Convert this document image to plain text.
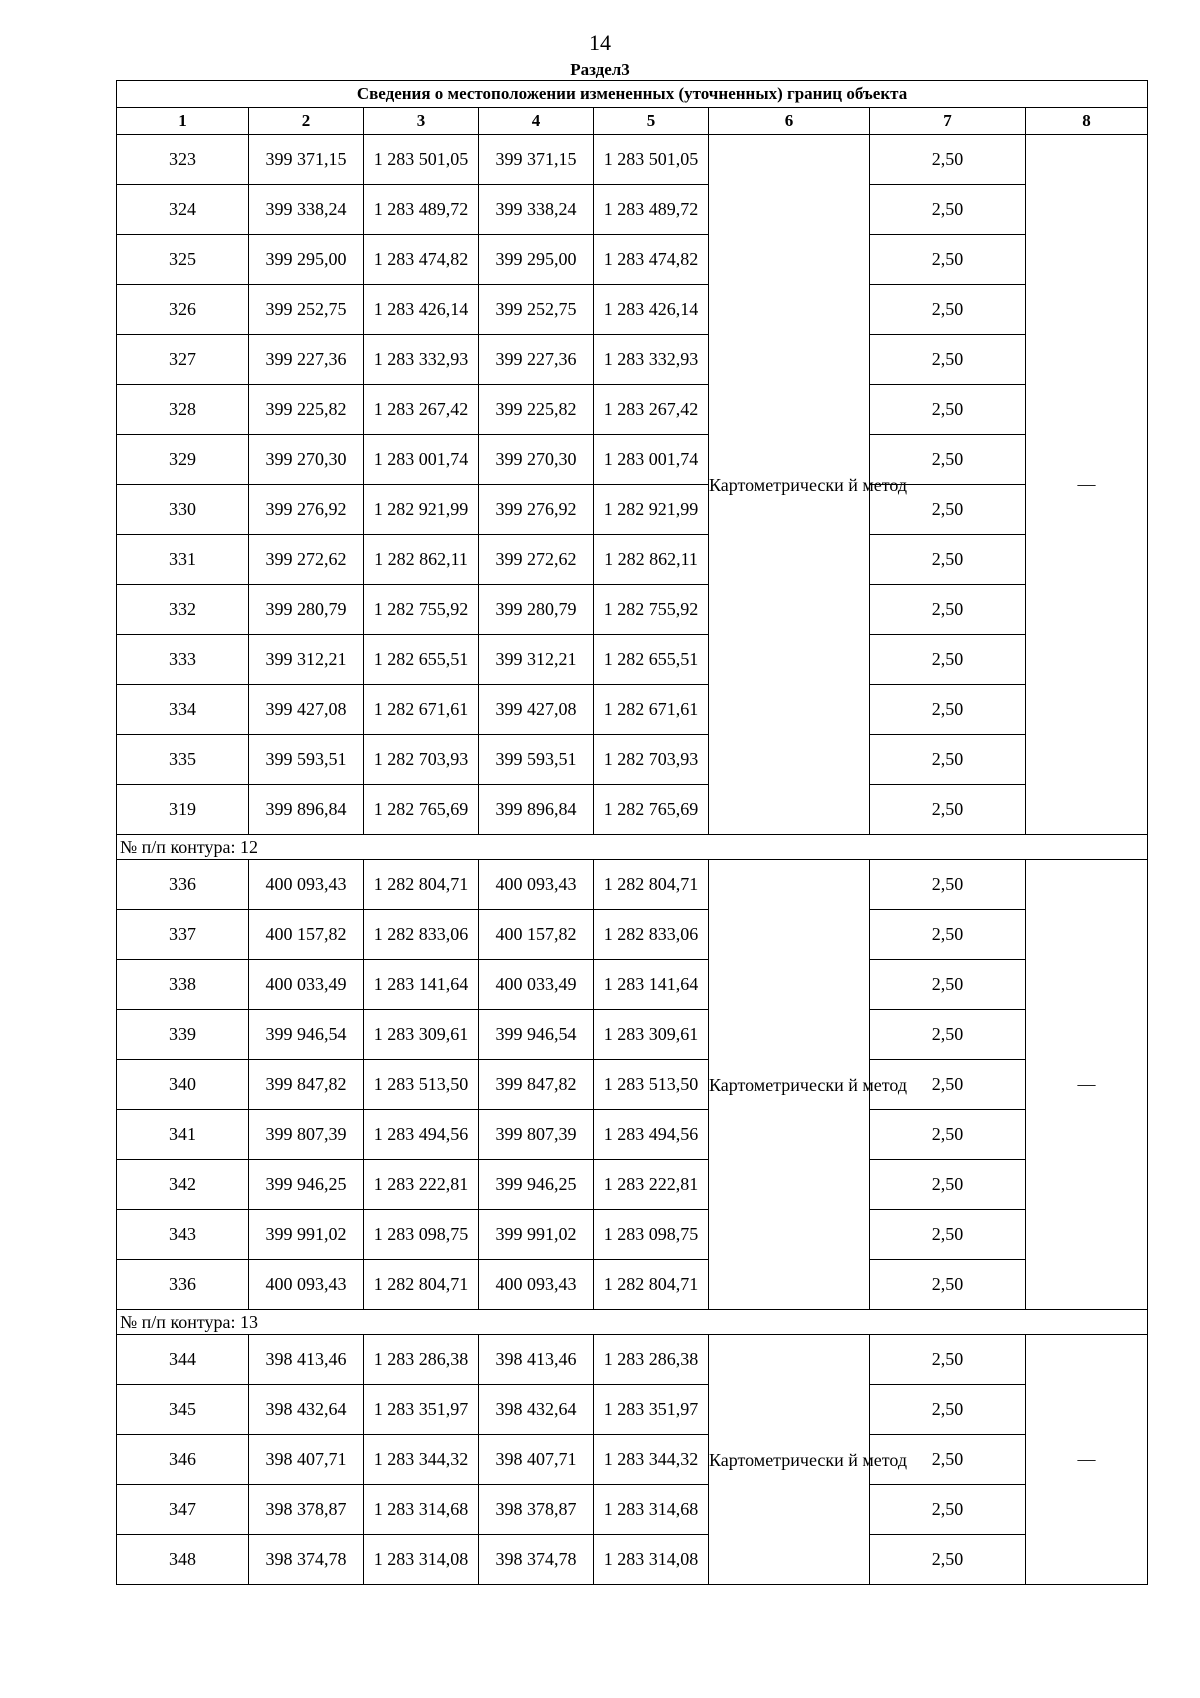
14
Раздел3
Сведения о местоположении измененных (уточненных) границ объекта							
1	2	3	4	5	6	7	8
323	399 371,15	1 283 501,05	399 371,15	1 283 501,05	Картометрически й метод	2,50	—
324	399 338,24	1 283 489,72	399 338,24	1 283 489,72		2,50	
325	399 295,00	1 283 474,82	399 295,00	1 283 474,82		2,50	
326	399 252,75	1 283 426,14	399 252,75	1 283 426,14		2,50	
327	399 227,36	1 283 332,93	399 227,36	1 283 332,93		2,50	
328	399 225,82	1 283 267,42	399 225,82	1 283 267,42		2,50	
329	399 270,30	1 283 001,74	399 270,30	1 283 001,74		2,50	
330	399 276,92	1 282 921,99	399 276,92	1 282 921,99		2,50	
331	399 272,62	1 282 862,11	399 272,62	1 282 862,11		2,50	
332	399 280,79	1 282 755,92	399 280,79	1 282 755,92		2,50	
333	399 312,21	1 282 655,51	399 312,21	1 282 655,51		2,50	
334	399 427,08	1 282 671,61	399 427,08	1 282 671,61		2,50	
335	399 593,51	1 282 703,93	399 593,51	1 282 703,93		2,50	
319	399 896,84	1 282 765,69	399 896,84	1 282 765,69		2,50	
№ п/п контура: 12							
336	400 093,43	1 282 804,71	400 093,43	1 282 804,71	Картометрически й метод	2,50	—
337	400 157,82	1 282 833,06	400 157,82	1 282 833,06		2,50	
338	400 033,49	1 283 141,64	400 033,49	1 283 141,64		2,50	
339	399 946,54	1 283 309,61	399 946,54	1 283 309,61		2,50	
340	399 847,82	1 283 513,50	399 847,82	1 283 513,50		2,50	
341	399 807,39	1 283 494,56	399 807,39	1 283 494,56		2,50	
342	399 946,25	1 283 222,81	399 946,25	1 283 222,81		2,50	
343	399 991,02	1 283 098,75	399 991,02	1 283 098,75		2,50	
336	400 093,43	1 282 804,71	400 093,43	1 282 804,71		2,50	
№ п/п контура: 13							
344	398 413,46	1 283 286,38	398 413,46	1 283 286,38	Картометрически й метод	2,50	—
345	398 432,64	1 283 351,97	398 432,64	1 283 351,97		2,50	
346	398 407,71	1 283 344,32	398 407,71	1 283 344,32		2,50	
347	398 378,87	1 283 314,68	398 378,87	1 283 314,68		2,50	
348	398 374,78	1 283 314,08	398 374,78	1 283 314,08		2,50	
